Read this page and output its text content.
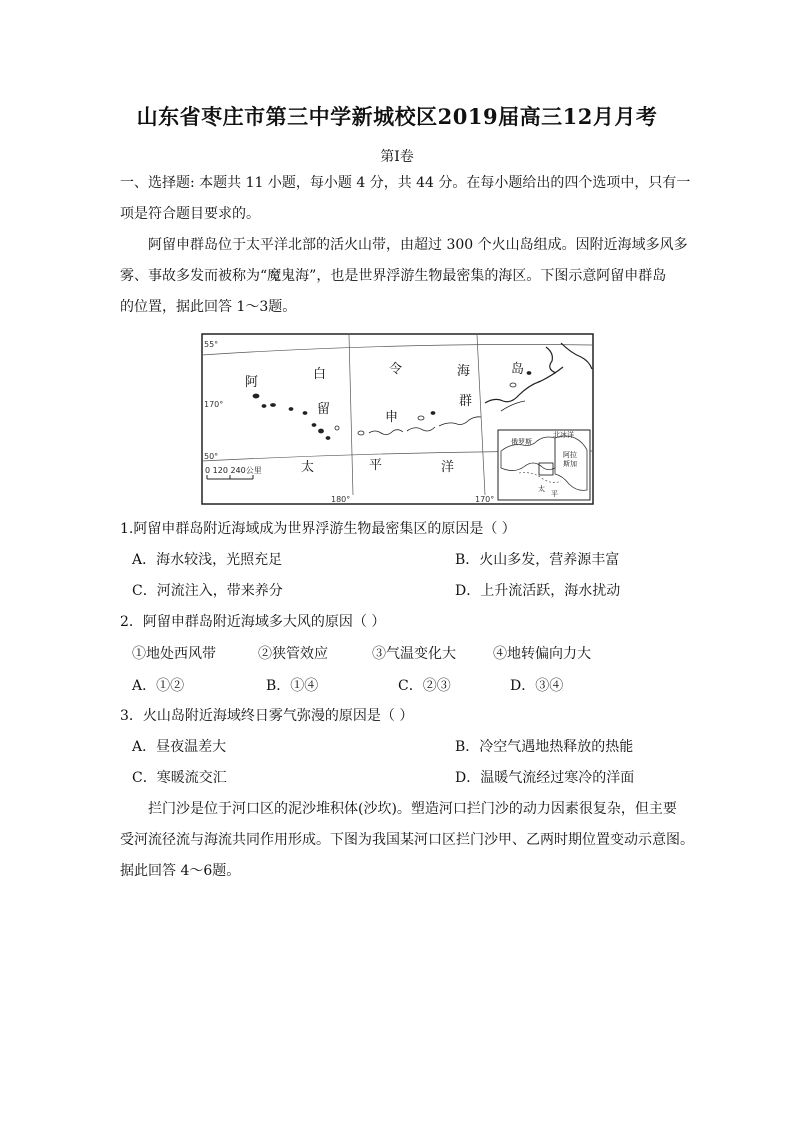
山东省枣庄市第三中学新城校区2019届高三12月月考
第Ⅰ卷
一、选择题: 本题共 11 小题，每小题 4 分，共 44 分。在每小题给出的四个选项中，只有一
项是符合题目要求的。
阿留申群岛位于太平洋北部的活火山带，由超过 300 个火山岛组成。因附近海域多风多
雾、事故多发而被称为“魔鬼海”，也是世界浮游生物最密集的海区。下图示意阿留申群岛
的位置，据此回答 1～3题。
阿
白	令	海
留
申
群
岛
太	平	洋
55°
170°
50°
180°	170°
0 120 240公里
俄罗斯
北冰洋
阿拉
斯加
太
平
1.阿留申群岛附近海域成为世界浮游生物最密集区的原因是（ ）
A．海水较浅，光照充足	B．火山多发，营养源丰富
C．河流注入，带来养分	D．上升流活跃，海水扰动
2．阿留申群岛附近海域多大风的原因（ ）
①地处西风带	②狭管效应	③气温变化大	④地转偏向力大
A．①②	B．①④	C．②③	D．③④
3．火山岛附近海域终日雾气弥漫的原因是（ ）
A．昼夜温差大	B．冷空气遇地热释放的热能
C．寒暖流交汇	D．温暖气流经过寒冷的洋面
拦门沙是位于河口区的泥沙堆积体(沙坎)。塑造河口拦门沙的动力因素很复杂，但主要
受河流径流与海流共同作用形成。下图为我国某河口区拦门沙甲、乙两时期位置变动示意图。
据此回答 4～6题。
